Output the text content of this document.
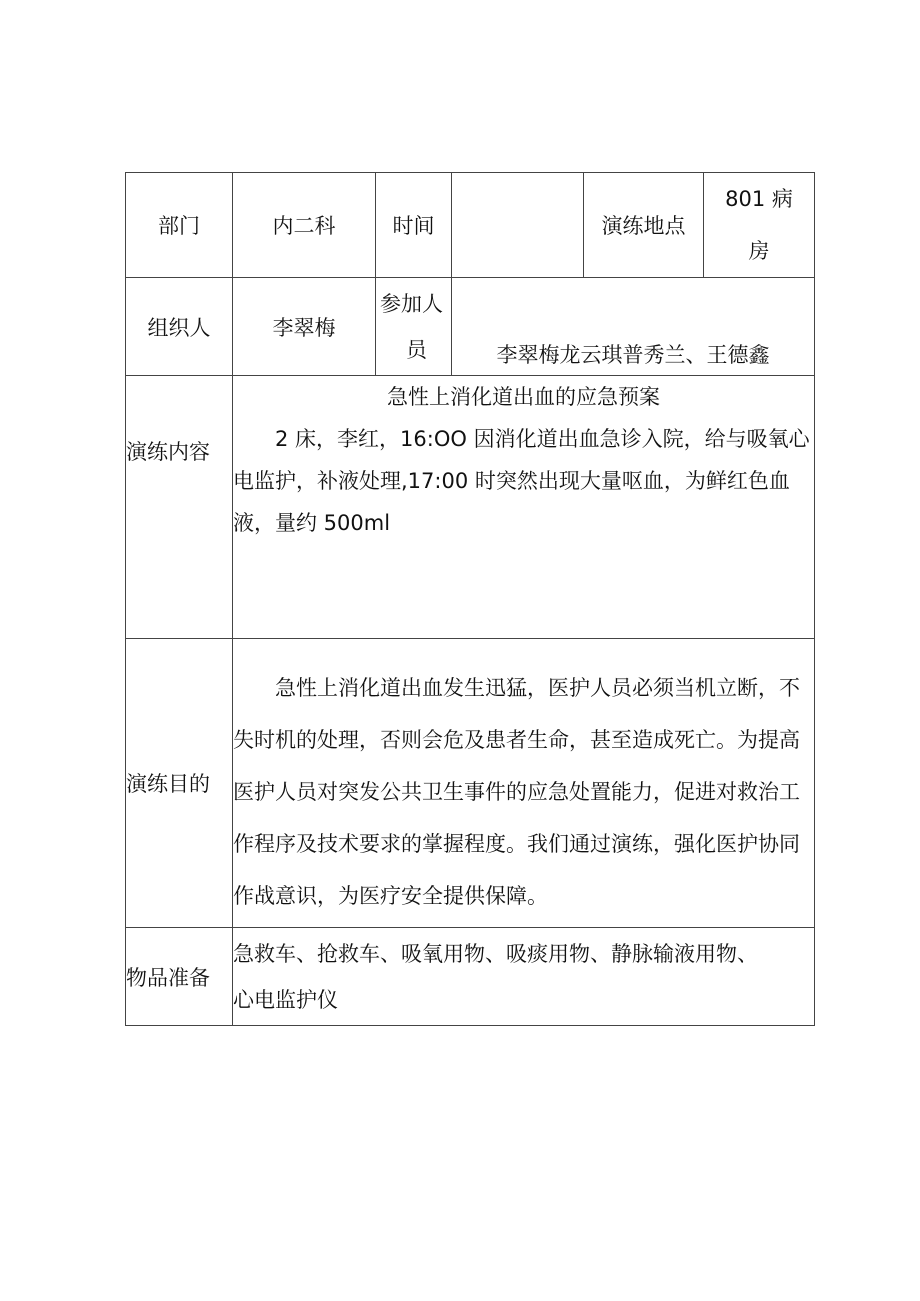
部门	内二科	时间		演练地点	801 病
房

组织人	李翠梅	参加人
员	李翠梅龙云琪普秀兰、王德鑫		
演练内容	急性上消化道出血的应急预案
2 床，李红，16:OO 因消化道出血急诊入院，给与吸氧心电监护，补液处理,17:00 时突然出现大量呕血，为鲜红色血液，量约 500ml				

演练目的	急性上消化道出血发生迅猛，医护人员必须当机立断，不失时机的处理，否则会危及患者生命，甚至造成死亡。为提高医护人员对突发公共卫生事件的应急处置能力，促进对救治工作程序及技术要求的掌握程度。我们通过演练，强化医护协同作战意识，为医疗安全提供保障。				

物品准备	急救车、抢救车、吸氧用物、吸痰用物、静脉输液用物、心电监护仪				
